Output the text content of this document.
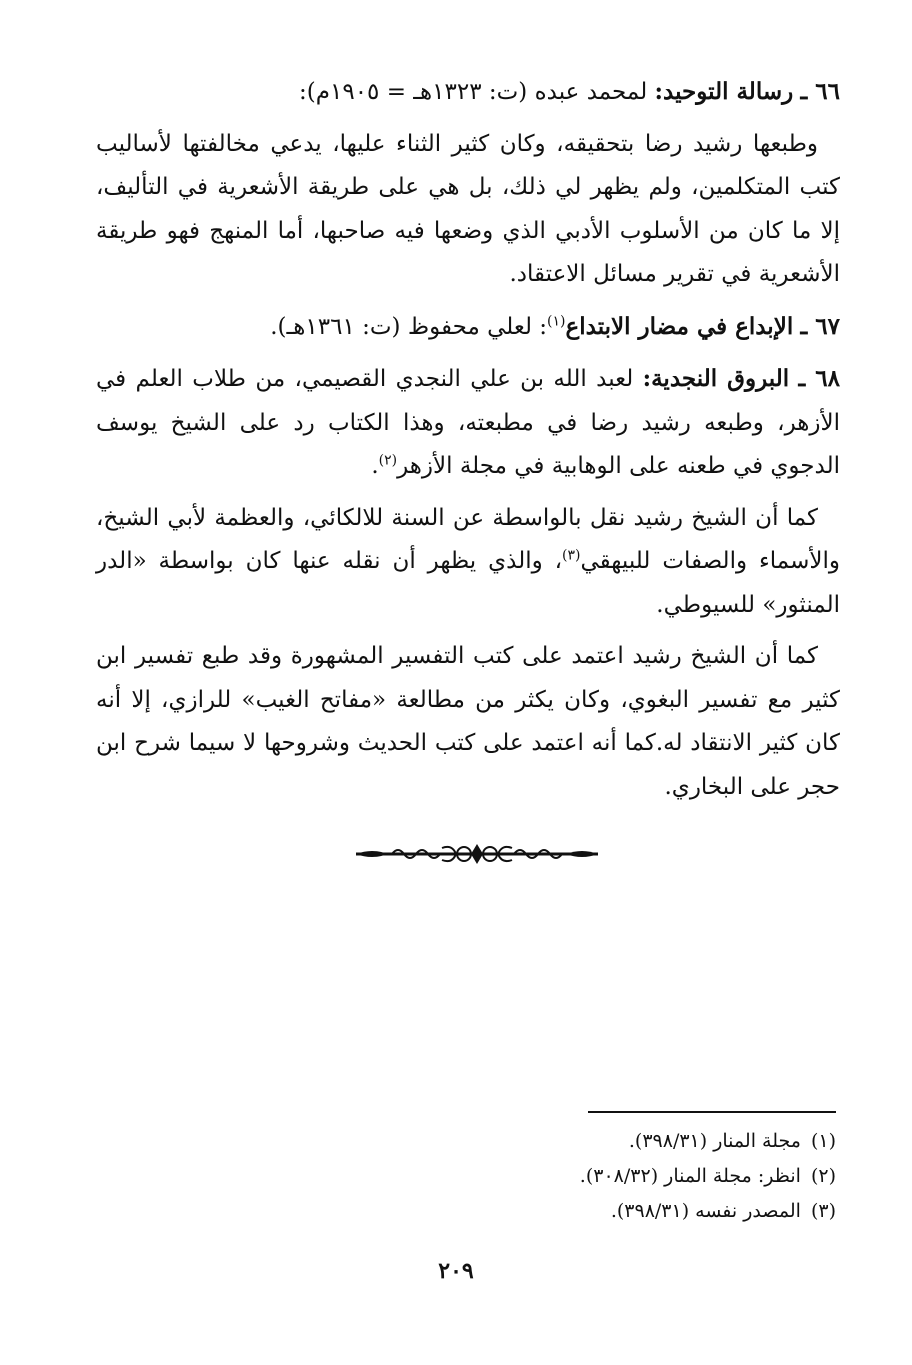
٦٦ ـ رسالة التوحيد: لمحمد عبده (ت: ١٣٢٣هـ = ١٩٠٥م):

وطبعها رشيد رضا بتحقيقه، وكان كثير الثناء عليها، يدعي مخالفتها لأساليب كتب المتكلمين، ولم يظهر لي ذلك، بل هي على طريقة الأشعرية في التأليف، إلا ما كان من الأسلوب الأدبي الذي وضعها فيه صاحبها، أما المنهج فهو طريقة الأشعرية في تقرير مسائل الاعتقاد.

٦٧ ـ الإبداع في مضار الابتداع$^{(١)}$: لعلي محفوظ (ت: ١٣٦١هـ).

٦٨ ـ البروق النجدية: لعبد الله بن علي النجدي القصيمي، من طلاب العلم في الأزهر، وطبعه رشيد رضا في مطبعته، وهذا الكتاب رد على الشيخ يوسف الدجوي في طعنه على الوهابية في مجلة الأزهر$^{(٢)}$.

كما أن الشيخ رشيد نقل بالواسطة عن السنة للالكائي، والعظمة لأبي الشيخ، والأسماء والصفات للبيهقي$^{(٣)}$، والذي يظهر أن نقله عنها كان بواسطة «الدر المنثور» للسيوطي.

كما أن الشيخ رشيد اعتمد على كتب التفسير المشهورة وقد طبع تفسير ابن كثير مع تفسير البغوي، وكان يكثر من مطالعة «مفاتح الغيب» للرازي، إلا أنه كان كثير الانتقاد له.كما أنه اعتمد على كتب الحديث وشروحها لا سيما شرح ابن حجر على البخاري.

(١)مجلة المنار (٣٩٨/٣١).
(٢)انظر: مجلة المنار (٣٠٨/٣٢).
(٣)المصدر نفسه (٣٩٨/٣١).
٢٠٩
